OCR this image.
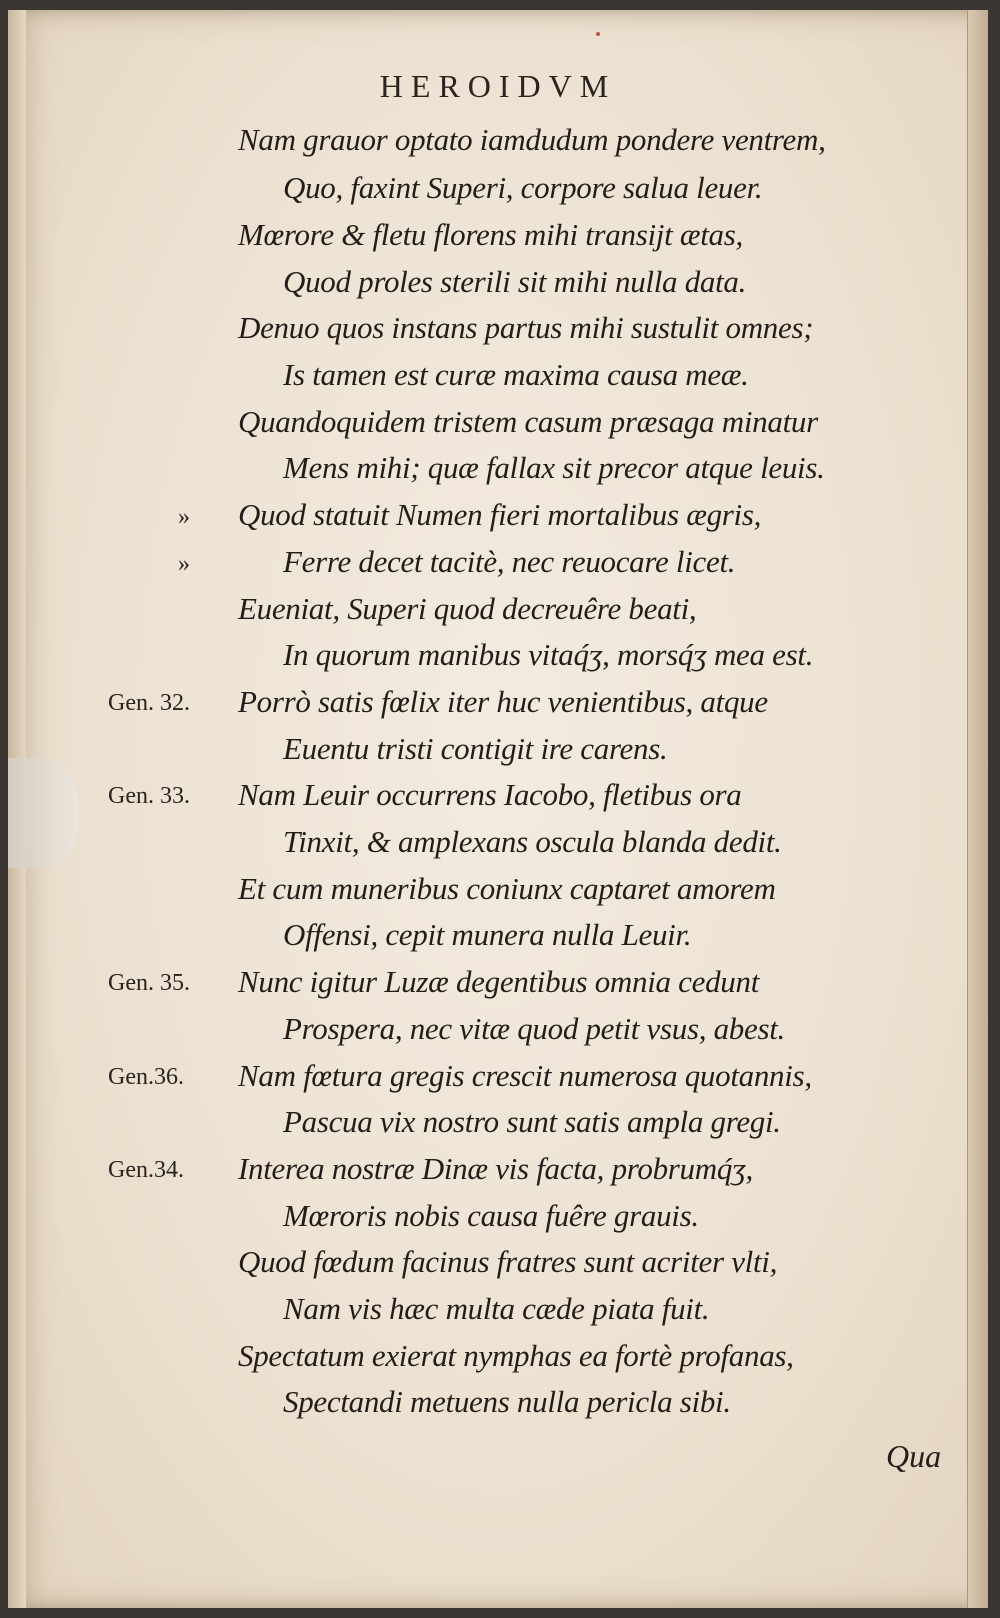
HEROIDVM
Nam grauor optato iamdudum pondere ventrem,
Quo, faxint Superi, corpore salua leuer.
Mœrore & fletu florens mihi transijt ætas,
Quod proles sterili sit mihi nulla data.
Denuo quos instans partus mihi sustulit omnes;
Is tamen est curæ maxima causa meæ.
Quandoquidem tristem casum præsaga minatur
Mens mihi; quæ fallax sit precor atque leuis.
Quod statuit Numen fieri mortalibus ægris,
Ferre decet tacitè, nec reuocare licet.
Eueniat, Superi quod decreuêre beati,
In quorum manibus vitaq́ʒ, morsq́ʒ mea est.
Porrò satis fœlix iter huc venientibus, atque
Euentu tristi contigit ire carens.
Nam Leuir occurrens Iacobo, fletibus ora
Tinxit, & amplexans oscula blanda dedit.
Et cum muneribus coniunx captaret amorem
Offensi, cepit munera nulla Leuir.
Nunc igitur Luzæ degentibus omnia cedunt
Prospera, nec vitæ quod petit vsus, abest.
Nam fœtura gregis crescit numerosa quotannis,
Pascua vix nostro sunt satis ampla gregi.
Interea nostræ Dinæ vis facta, probrumq́ʒ,
Mœroris nobis causa fuêre grauis.
Quod fœdum facinus fratres sunt acriter vlti,
Nam vis hæc multa cæde piata fuit.
Spectatum exierat nymphas ea fortè profanas,
Spectandi metuens nulla pericla sibi.
»
»
Gen. 32.
Gen. 33.
Gen. 35.
Gen.36.
Gen.34.
Qua
